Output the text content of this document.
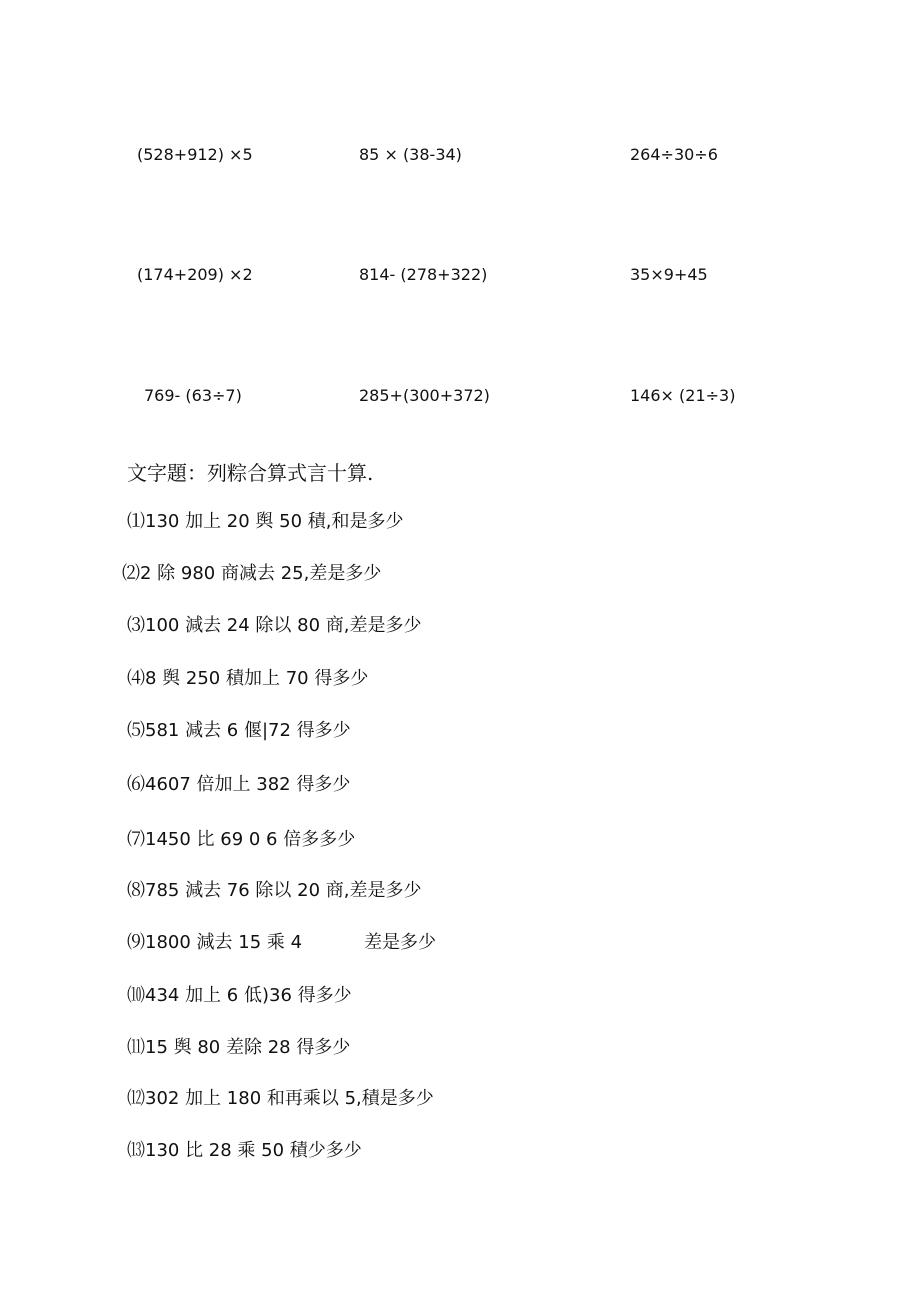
(528+912) ×5	85 × (38-34)	264÷30÷6
(174+209) ×2	814- (278+322)	35×9+45
769- (63÷7)	285+(300+372)	146× (21÷3)
文字題：列粽合算式言十算.
⑴130 加上 20 舆 50 積,和是多少
⑵2 除 980 商减去 25,差是多少
⑶100 減去 24 除以 80 商,差是多少
⑷8 舆 250 積加上 70 得多少
⑸581 减去 6 偃|72 得多少
⑹4607 倍加上 382 得多少
⑺1450 比 69 0 6 倍多多少
⑻785 減去 76 除以 20 商,差是多少
⑼1800 減去 15 乘 4	差是多少
⑽434 加上 6 低)36 得多少
⑾15 舆 80 差除 28 得多少
⑿302 加上 180 和再乘以 5,積是多少
⒀130 比 28 乘 50 積少多少
